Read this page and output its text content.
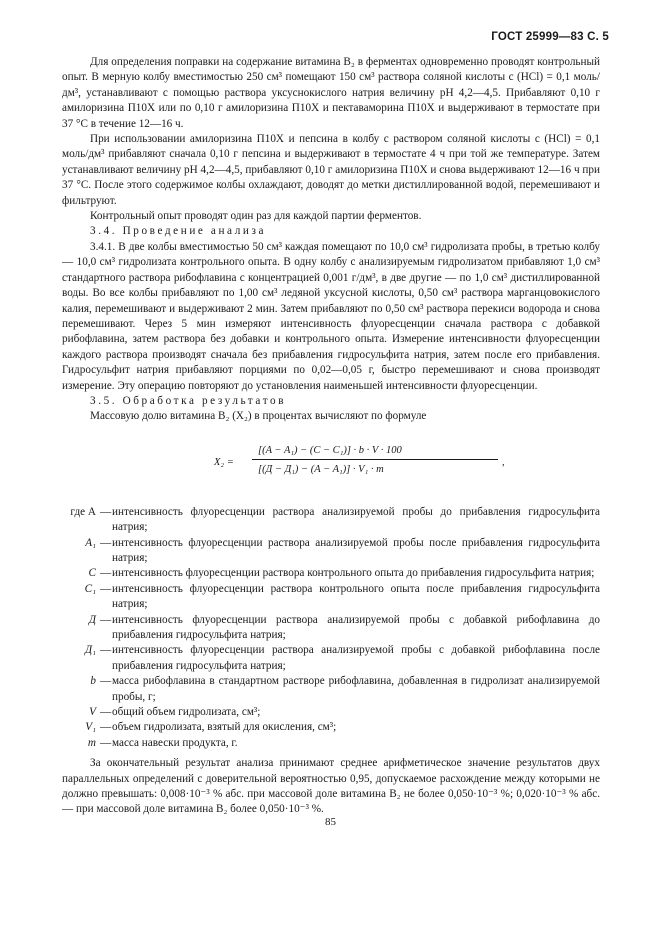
ГОСТ 25999—83 С. 5

Для определения поправки на содержание витамина B₂ в ферментах одновременно проводят контрольный опыт. В мерную колбу вместимостью 250 см³ помещают 150 см³ раствора соляной кислоты c (HCl) = 0,1 моль/дм³, устанавливают с помощью раствора уксуснокислого натрия величину рН 4,2—4,5. Прибавляют 0,10 г амилоризина П10Х или по 0,10 г амилоризина П10Х и пектаваморина П10Х и выдерживают в термостате при 37 °С в течение 12—16 ч.

При использовании амилоризина П10Х и пепсина в колбу с раствором соляной кислоты c (HCl) = 0,1 моль/дм³ прибавляют сначала 0,10 г пепсина и выдерживают в термостате 4 ч при той же температуре. Затем устанавливают величину рН 4,2—4,5, прибавляют 0,10 г амилоризина П10Х и снова выдерживают 12—16 ч при 37 °С. После этого содержимое колбы охлаждают, доводят до метки дистиллированной водой, перемешивают и фильтруют.

Контрольный опыт проводят один раз для каждой партии ферментов.

3.4. Проведение анализа

3.4.1. В две колбы вместимостью 50 см³ каждая помещают по 10,0 см³ гидролизата пробы, в третью колбу — 10,0 см³ гидролизата контрольного опыта. В одну колбу с анализируемым гидролизатом прибавляют 1,0 см³ стандартного раствора рибофлавина с концентрацией 0,001 г/дм³, в две другие — по 1,0 см³ дистиллированной воды. Во все колбы прибавляют по 1,00 см³ ледяной уксусной кислоты, 0,50 см³ раствора марганцовокислого калия, перемешивают и выдерживают 2 мин. Затем прибавляют по 0,50 см³ раствора перекиси водорода и снова перемешивают. Через 5 мин измеряют интенсивность флуоресценции сначала раствора с добавкой рибофлавина, затем раствора без добавки и контрольного опыта. Измерение интенсивности флуоресценции каждого раствора производят сначала без прибавления гидросульфита натрия, затем после его прибавления. Гидросульфит натрия прибавляют порциями по 0,02—0,05 г, быстро перемешивают и снова производят измерение. Эту операцию повторяют до установления наименьшей интенсивности флуоресценции.

3.5. Обработка результатов

Массовую долю витамина B₂ (X₂) в процентах вычисляют по формуле

X₂ =
[(A − A₁) − (C − C₁)] · b · V · 100
[(Д − Д₁) − (A − A₁)] · V₁ · m
,
где A — интенсивность флуоресценции раствора анализируемой пробы до прибавления гидросульфита натрия;
A₁ — интенсивность флуоресценции раствора анализируемой пробы после прибавления гидросульфита натрия;
C — интенсивность флуоресценции раствора контрольного опыта до прибавления гидросульфита натрия;
C₁ — интенсивность флуоресценции раствора контрольного опыта после прибавления гидросульфита натрия;
Д — интенсивность флуоресценции раствора анализируемой пробы с добавкой рибофлавина до прибавления гидросульфита натрия;
Д₁ — интенсивность флуоресценции раствора анализируемой пробы с добавкой рибофлавина после прибавления гидросульфита натрия;
b — масса рибофлавина в стандартном растворе рибофлавина, добавленная в гидролизат анализируемой пробы, г;
V — общий объем гидролизата, см³;
V₁ — объем гидролизата, взятый для окисления, см³;
m — масса навески продукта, г.

За окончательный результат анализа принимают среднее арифметическое значение результатов двух параллельных определений с доверительной вероятностью 0,95, допускаемое расхождение между которыми не должно превышать: 0,008·10⁻³ % абс. при массовой доле витамина B₂ не более 0,050·10⁻³ %; 0,020·10⁻³ % абс. — при массовой доле витамина B₂ более 0,050·10⁻³ %.

85
